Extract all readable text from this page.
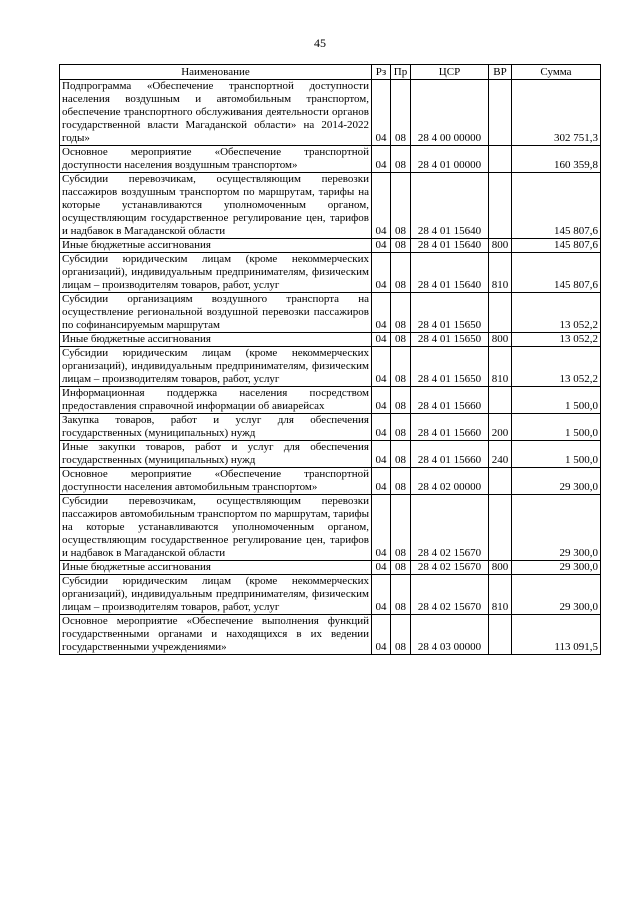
45
Наименование	Рз	Пр	ЦСР	ВР	Сумма
Подпрограмма «Обеспечение транспортной доступности населения воздушным и автомобильным транспортом, обеспечение транспортного обслуживания деятельности органов государственной власти Магаданской области» на 2014-2022 годы»	04	08	28 4 00 00000		302 751,3
Основное мероприятие «Обеспечение транспортной доступности населения воздушным транспортом»	04	08	28 4 01 00000		160 359,8
Субсидии перевозчикам, осуществляющим перевозки пассажиров воздушным транспортом по маршрутам, тарифы на которые устанавливаются уполномоченным органом, осуществляющим государственное регулирование цен, тарифов и надбавок в Магаданской области	04	08	28 4 01 15640		145 807,6
Иные бюджетные ассигнования	04	08	28 4 01 15640	800	145 807,6
Субсидии юридическим лицам (кроме некоммерческих организаций), индивидуальным предпринимателям, физическим лицам – производителям товаров, работ, услуг	04	08	28 4 01 15640	810	145 807,6
Субсидии организациям воздушного транспорта на осуществление региональной воздушной перевозки пассажиров по софинансируемым маршрутам	04	08	28 4 01 15650		13 052,2
Иные бюджетные ассигнования	04	08	28 4 01 15650	800	13 052,2
Субсидии юридическим лицам (кроме некоммерческих организаций), индивидуальным предпринимателям, физическим лицам – производителям товаров, работ, услуг	04	08	28 4 01 15650	810	13 052,2
Информационная поддержка населения посредством предоставления справочной информации об авиарейсах	04	08	28 4 01 15660		1 500,0
Закупка товаров, работ и услуг для обеспечения государственных (муниципальных) нужд	04	08	28 4 01 15660	200	1 500,0
Иные закупки товаров, работ и услуг для обеспечения государственных (муниципальных) нужд	04	08	28 4 01 15660	240	1 500,0
Основное мероприятие «Обеспечение транспортной доступности населения автомобильным транспортом»	04	08	28 4 02 00000		29 300,0
Субсидии перевозчикам, осуществляющим перевозки пассажиров автомобильным транспортом по маршрутам, тарифы на которые устанавливаются уполномоченным органом, осуществляющим государственное регулирование цен, тарифов и надбавок в Магаданской области	04	08	28 4 02 15670		29 300,0
Иные бюджетные ассигнования	04	08	28 4 02 15670	800	29 300,0
Субсидии юридическим лицам (кроме некоммерческих организаций), индивидуальным предпринимателям, физическим лицам – производителям товаров, работ, услуг	04	08	28 4 02 15670	810	29 300,0
Основное мероприятие «Обеспечение выполнения функций государственными органами и находящихся в их ведении государственными учреждениями»	04	08	28 4 03 00000		113 091,5
